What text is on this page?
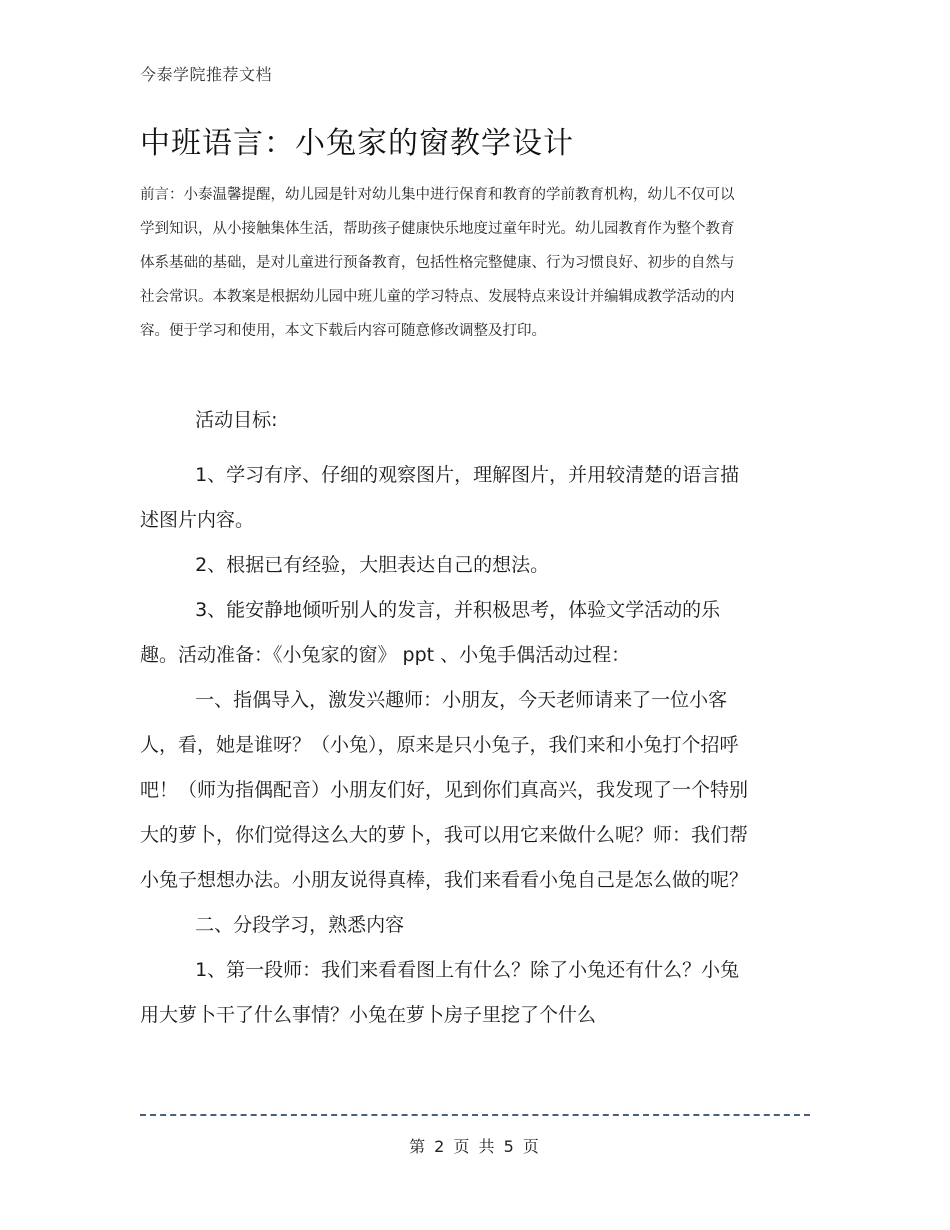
今泰学院推荐文档
中班语言：小兔家的窗教学设计
前言：小泰温馨提醒，幼儿园是针对幼儿集中进行保育和教育的学前教育机构，幼儿不仅可以学到知识，从小接触集体生活，帮助孩子健康快乐地度过童年时光。幼儿园教育作为整个教育体系基础的基础，是对儿童进行预备教育，包括性格完整健康、行为习惯良好、初步的自然与社会常识。本教案是根据幼儿园中班儿童的学习特点、发展特点来设计并编辑成教学活动的内容。便于学习和使用，本文下载后内容可随意修改调整及打印。

活动目标:

1、学习有序、仔细的观察图片，理解图片，并用较清楚的语言描述图片内容。

2、根据已有经验，大胆表达自己的想法。

3、能安静地倾听别人的发言，并积极思考，体验文学活动的乐趣。活动准备：《小兔家的窗》 ppt 、小兔手偶活动过程：

一、指偶导入，激发兴趣师：小朋友，今天老师请来了一位小客人，看，她是谁呀？（小兔），原来是只小兔子，我们来和小兔打个招呼吧！（师为指偶配音）小朋友们好，见到你们真高兴，我发现了一个特别大的萝卜，你们觉得这么大的萝卜，我可以用它来做什么呢？师：我们帮小兔子想想办法。小朋友说得真棒，我们来看看小兔自己是怎么做的呢？

二、分段学习，熟悉内容

1、第一段师：我们来看看图上有什么？除了小兔还有什么？小兔用大萝卜干了什么事情？小兔在萝卜房子里挖了个什么

第 2 页 共 5 页
